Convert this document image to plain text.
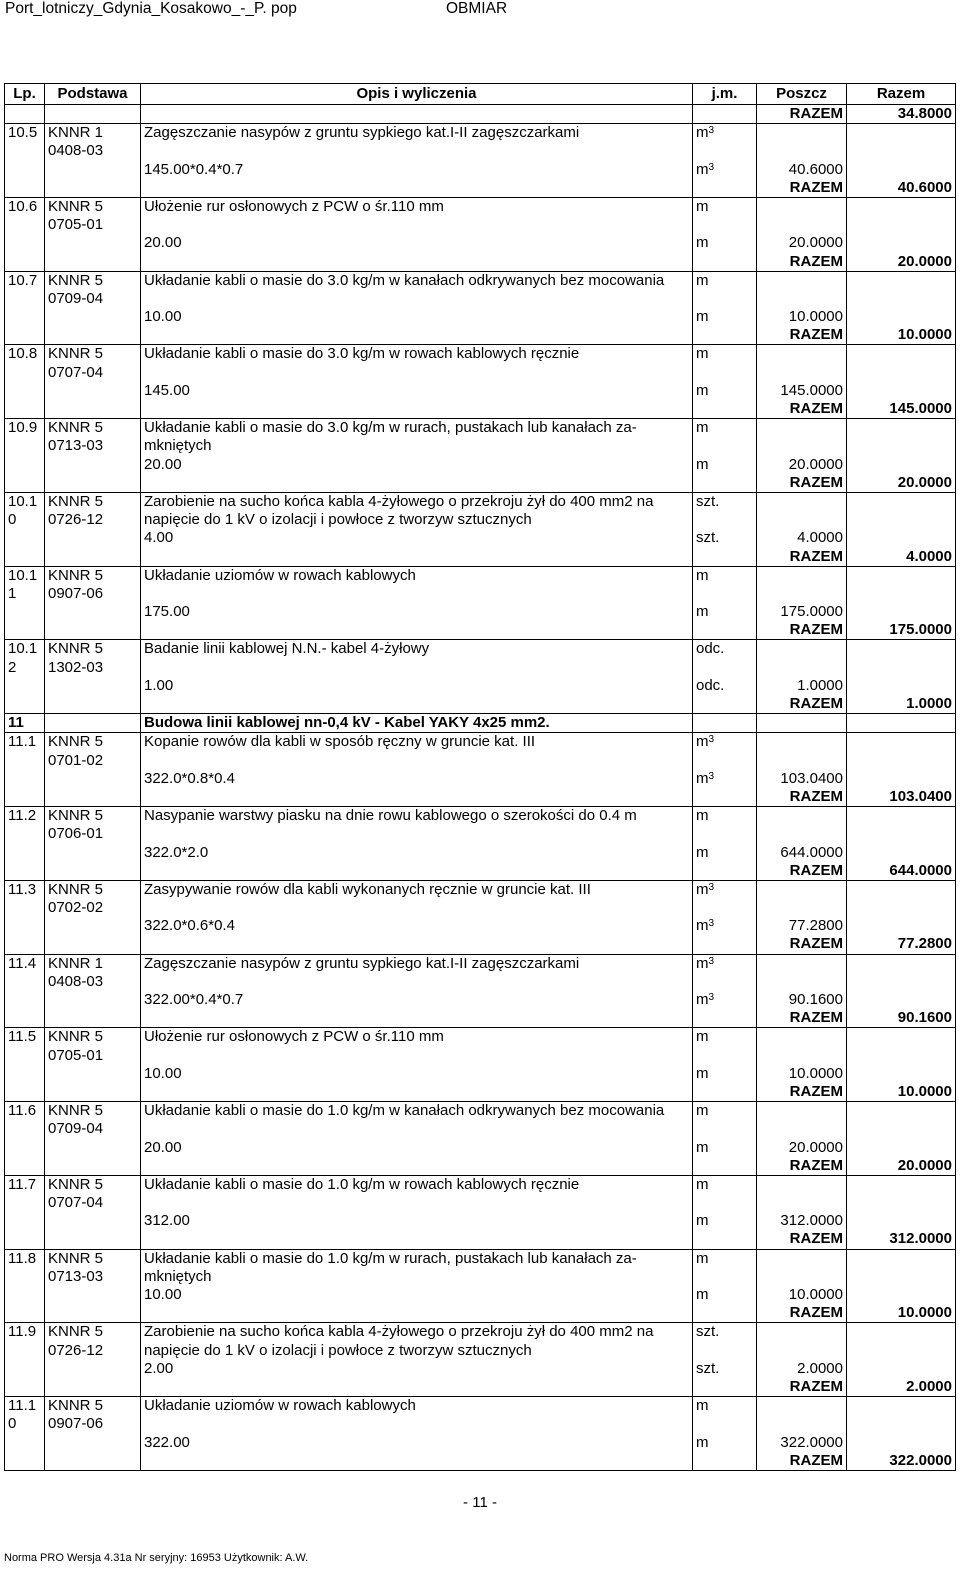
Port_lotniczy_Gdynia_Kosakowo_-_P. pop	OBMIAR
Lp.	Podstawa	Opis i wyliczenia	j.m.	Poszcz	Razem
				RAZEM	34.8000
10.5	KNNR 1	Zagęszczanie nasypów z gruntu sypkiego kat.I-II zagęszczarkami	$m^3$		
	0408-03				
		145.00*0.4*0.7	$m^3$	40.6000	
				RAZEM	40.6000
10.6	KNNR 5	Ułożenie rur osłonowych z PCW o śr.110 mm	m		
	0705-01				
		20.00	m	20.0000	
				RAZEM	20.0000
10.7	KNNR 5	Układanie kabli o masie do 3.0 kg/m w kanałach odkrywanych bez mocowania	m		
	0709-04				
		10.00	m	10.0000	
				RAZEM	10.0000
10.8	KNNR 5	Układanie kabli o masie do 3.0 kg/m w rowach kablowych ręcznie	m		
	0707-04				
		145.00	m	145.0000	
				RAZEM	145.0000
10.9	KNNR 5	Układanie kabli o masie do 3.0 kg/m w rurach, pustakach lub kanałach za-	m		
	0713-03	mkniętych			
		20.00	m	20.0000	
				RAZEM	20.0000
10.1	KNNR 5	Zarobienie na sucho końca kabla 4-żyłowego o przekroju żył do 400 mm2 na	szt.		
0	0726-12	napięcie do 1 kV o izolacji i powłoce z tworzyw sztucznych			
		4.00	szt.	4.0000	
				RAZEM	4.0000
10.1	KNNR 5	Układanie uziomów w rowach kablowych	m		
1	0907-06				
		175.00	m	175.0000	
				RAZEM	175.0000
10.1	KNNR 5	Badanie linii kablowej N.N.- kabel 4-żyłowy	odc.		
2	1302-03				
		1.00	odc.	1.0000	
				RAZEM	1.0000
11		Budowa linii kablowej nn-0,4 kV - Kabel YAKY 4x25 mm2.			
11.1	KNNR 5	Kopanie rowów dla kabli w sposób ręczny w gruncie kat. III	$m^3$		
	0701-02				
		322.0*0.8*0.4	$m^3$	103.0400	
				RAZEM	103.0400
11.2	KNNR 5	Nasypanie warstwy piasku na dnie rowu kablowego o szerokości do 0.4 m	m		
	0706-01				
		322.0*2.0	m	644.0000	
				RAZEM	644.0000
11.3	KNNR 5	Zasypywanie rowów dla kabli wykonanych ręcznie w gruncie kat. III	$m^3$		
	0702-02				
		322.0*0.6*0.4	$m^3$	77.2800	
				RAZEM	77.2800
11.4	KNNR 1	Zagęszczanie nasypów z gruntu sypkiego kat.I-II zagęszczarkami	$m^3$		
	0408-03				
		322.00*0.4*0.7	$m^3$	90.1600	
				RAZEM	90.1600
11.5	KNNR 5	Ułożenie rur osłonowych z PCW o śr.110 mm	m		
	0705-01				
		10.00	m	10.0000	
				RAZEM	10.0000
11.6	KNNR 5	Układanie kabli o masie do 1.0 kg/m w kanałach odkrywanych bez mocowania	m		
	0709-04				
		20.00	m	20.0000	
				RAZEM	20.0000
11.7	KNNR 5	Układanie kabli o masie do 1.0 kg/m w rowach kablowych ręcznie	m		
	0707-04				
		312.00	m	312.0000	
				RAZEM	312.0000
11.8	KNNR 5	Układanie kabli o masie do 1.0 kg/m w rurach, pustakach lub kanałach za-	m		
	0713-03	mkniętych			
		10.00	m	10.0000	
				RAZEM	10.0000
11.9	KNNR 5	Zarobienie na sucho końca kabla 4-żyłowego o przekroju żył do 400 mm2 na	szt.		
	0726-12	napięcie do 1 kV o izolacji i powłoce z tworzyw sztucznych			
		2.00	szt.	2.0000	
				RAZEM	2.0000
11.1	KNNR 5	Układanie uziomów w rowach kablowych	m		
0	0907-06				
		322.00	m	322.0000	
				RAZEM	322.0000
- 11 -
Norma PRO Wersja 4.31a Nr seryjny: 16953 Użytkownik: A.W.
